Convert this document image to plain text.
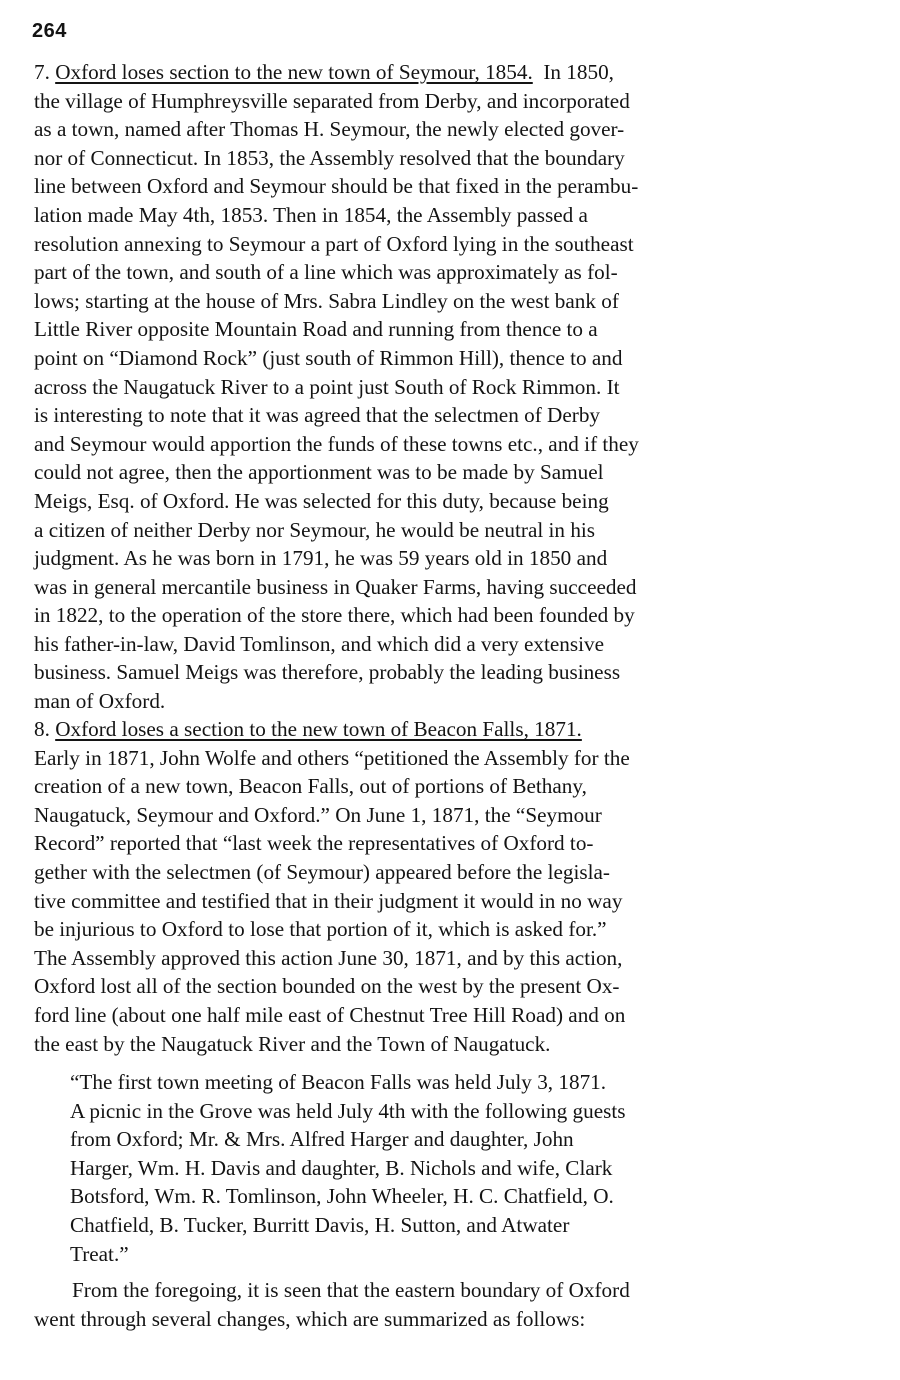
264
7. Oxford loses section to the new town of Seymour, 1854.  In 1850,
the village of Humphreysville separated from Derby, and incorporated
as a town, named after Thomas H. Seymour, the newly elected gover-
nor of Connecticut. In 1853, the Assembly resolved that the boundary
line between Oxford and Seymour should be that fixed in the perambu-
lation made May 4th, 1853. Then in 1854, the Assembly passed a
resolution annexing to Seymour a part of Oxford lying in the southeast
part of the town, and south of a line which was approximately as fol-
lows; starting at the house of Mrs. Sabra Lindley on the west bank of
Little River opposite Mountain Road and running from thence to a
point on “Diamond Rock” (just south of Rimmon Hill), thence to and
across the Naugatuck River to a point just South of Rock Rimmon. It
is interesting to note that it was agreed that the selectmen of Derby
and Seymour would apportion the funds of these towns etc., and if they
could not agree, then the apportionment was to be made by Samuel
Meigs, Esq. of Oxford. He was selected for this duty, because being
a citizen of neither Derby nor Seymour, he would be neutral in his
judgment. As he was born in 1791, he was 59 years old in 1850 and
was in general mercantile business in Quaker Farms, having succeeded
in 1822, to the operation of the store there, which had been founded by
his father-in-law, David Tomlinson, and which did a very extensive
business. Samuel Meigs was therefore, probably the leading business
man of Oxford.
8. Oxford loses a section to the new town of Beacon Falls, 1871.
Early in 1871, John Wolfe and others “petitioned the Assembly for the
creation of a new town, Beacon Falls, out of portions of Bethany,
Naugatuck, Seymour and Oxford.” On June 1, 1871, the “Seymour
Record” reported that “last week the representatives of Oxford to-
gether with the selectmen (of Seymour) appeared before the legisla-
tive committee and testified that in their judgment it would in no way
be injurious to Oxford to lose that portion of it, which is asked for.”
The Assembly approved this action June 30, 1871, and by this action,
Oxford lost all of the section bounded on the west by the present Ox-
ford line (about one half mile east of Chestnut Tree Hill Road) and on
the east by the Naugatuck River and the Town of Naugatuck.
“The first town meeting of Beacon Falls was held July 3, 1871.
A picnic in the Grove was held July 4th with the following guests
from Oxford; Mr. & Mrs. Alfred Harger and daughter, John
Harger, Wm. H. Davis and daughter, B. Nichols and wife, Clark
Botsford, Wm. R. Tomlinson, John Wheeler, H. C. Chatfield, O.
Chatfield, B. Tucker, Burritt Davis, H. Sutton, and Atwater
Treat.”
From the foregoing, it is seen that the eastern boundary of Oxford
went through several changes, which are summarized as follows:
